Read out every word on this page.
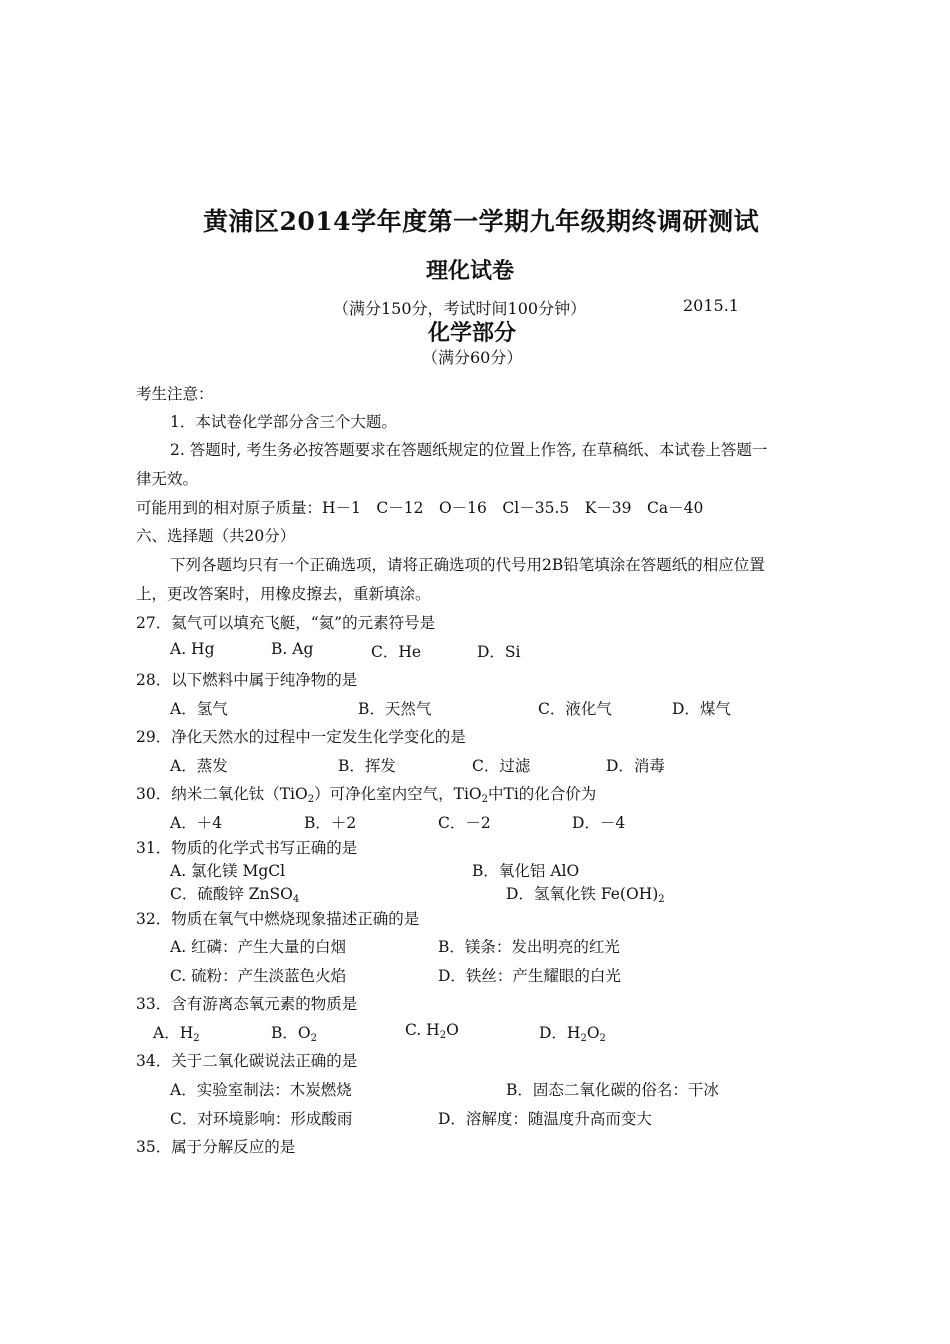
黄浦区2014学年度第一学期九年级期终调研测试
理化试卷
（满分150分，考试时间100分钟）	2015.1
化学部分
（满分60分）
考生注意：
1．本试卷化学部分含三个大题。
2. 答题时, 考生务必按答题要求在答题纸规定的位置上作答, 在草稿纸、本试卷上答题一
律无效。
可能用到的相对原子质量：H－1　C－12　O－16　Cl－35.5　K－39　Ca－40
六、选择题（共20分）
下列各题均只有一个正确选项，请将正确选项的代号用2B铅笔填涂在答题纸的相应位置
上，更改答案时，用橡皮擦去，重新填涂。
27．氦气可以填充飞艇，“氦”的元素符号是
A. Hg	B. Ag	C．He	D．Si
28．以下燃料中属于纯净物的是
A．氢气	B．天然气	C．液化气	D．煤气
29．净化天然水的过程中一定发生化学变化的是
A．蒸发	B．挥发	C．过滤	D．消毒
30．纳米二氧化钛（TiO$_2$）可净化室内空气，TiO$_2$中Ti的化合价为
A．＋4	B．＋2	C．－2	D．－4
31．物质的化学式书写正确的是
A. 氯化镁 MgCl	B．氧化铝 AlO
C．硫酸锌 ZnSO$_4$	D．氢氧化铁 $Fe(OH)_2$
32．物质在氧气中燃烧现象描述正确的是
A. 红磷：产生大量的白烟	B．镁条：发出明亮的红光
C. 硫粉：产生淡蓝色火焰	D．铁丝：产生耀眼的白光
33．含有游离态氧元素的物质是
A．$H_2$	B．$O_2$	C. $H_2O$	D．$H_2O_2$
34．关于二氧化碳说法正确的是
A．实验室制法：木炭燃烧	B．固态二氧化碳的俗名：干冰
C．对环境影响：形成酸雨	D．溶解度：随温度升高而变大
35．属于分解反应的是
